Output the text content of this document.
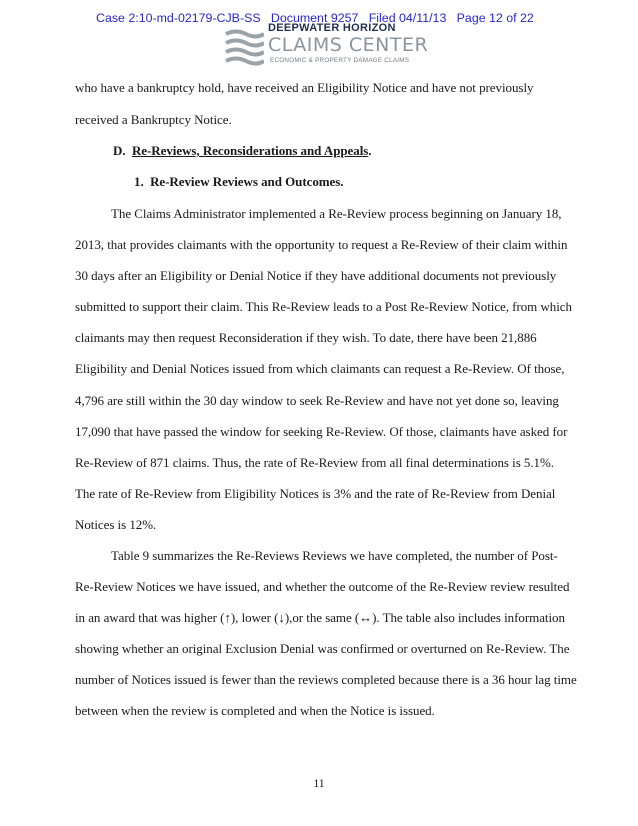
DEEPWATER HORIZON
CLAIMS CENTER
ECONOMIC & PROPERTY DAMAGE CLAIMS
Case 2:10-md-02179-CJB-SS   Document 9257   Filed 04/11/13   Page 12 of 22
who have a bankruptcy hold, have received an Eligibility Notice and have not previously
received a Bankruptcy Notice.
D. Re-Reviews, Reconsiderations and Appeals.
1. Re-Review Reviews and Outcomes.
The Claims Administrator implemented a Re-Review process beginning on January 18,
2013, that provides claimants with the opportunity to request a Re-Review of their claim within
30 days after an Eligibility or Denial Notice if they have additional documents not previously
submitted to support their claim. This Re-Review leads to a Post Re-Review Notice, from which
claimants may then request Reconsideration if they wish. To date, there have been 21,886
Eligibility and Denial Notices issued from which claimants can request a Re-Review. Of those,
4,796 are still within the 30 day window to seek Re-Review and have not yet done so, leaving
17,090 that have passed the window for seeking Re-Review. Of those, claimants have asked for
Re-Review of 871 claims. Thus, the rate of Re-Review from all final determinations is 5.1%.
The rate of Re-Review from Eligibility Notices is 3% and the rate of Re-Review from Denial
Notices is 12%.
Table 9 summarizes the Re-Reviews Reviews we have completed, the number of Post-
Re-Review Notices we have issued, and whether the outcome of the Re-Review review resulted
in an award that was higher (↑), lower (↓),or the same (↔). The table also includes information
showing whether an original Exclusion Denial was confirmed or overturned on Re-Review. The
number of Notices issued is fewer than the reviews completed because there is a 36 hour lag time
between when the review is completed and when the Notice is issued.
11
